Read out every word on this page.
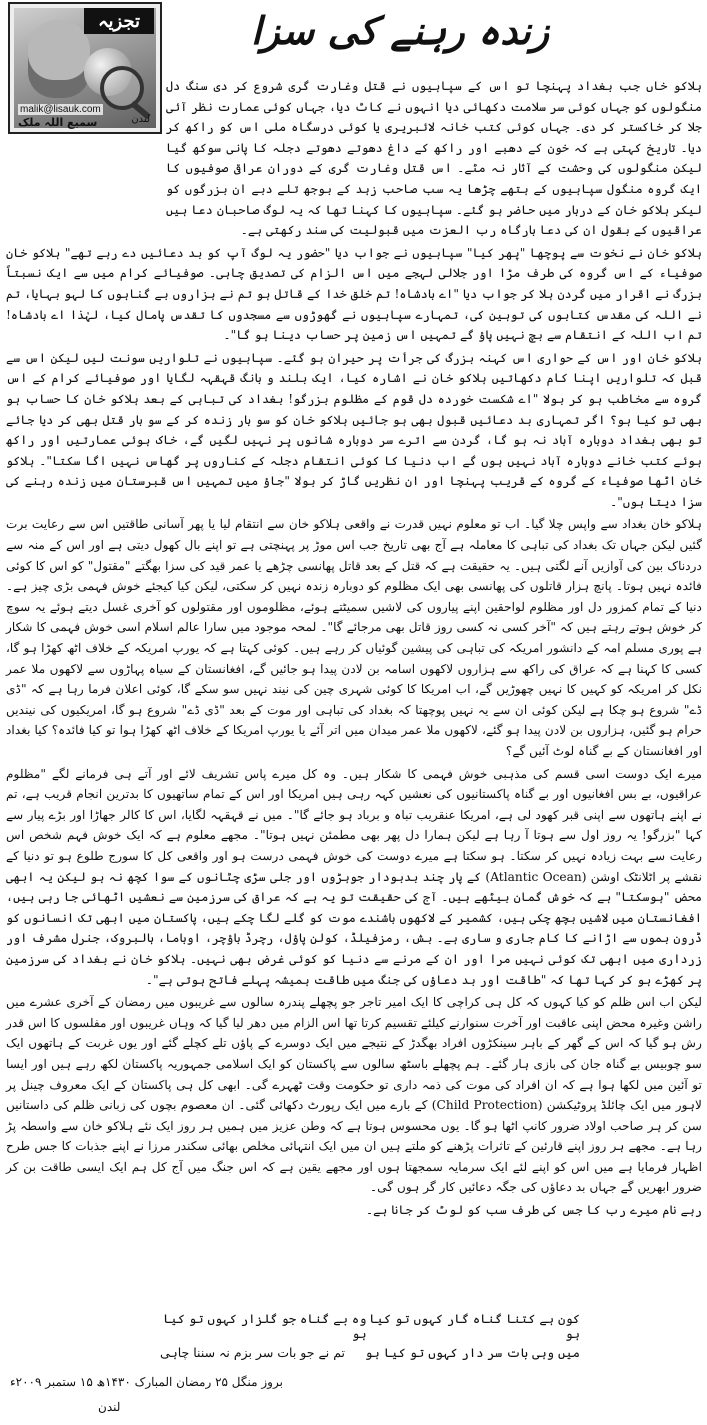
تجزیہ
malik@lisauk.com
سمیع اللہ ملک	لندن
زندہ رہنے کی سزا

ہلاکو خاں جب بغداد پہنچا تو اس کے سپاہیوں نے قتل وغارت گری شروع کر دی سنگ دل منگولوں کو جہاں کوئی سر سلامت دکھائی دیا انہوں نے کاٹ دیا، جہاں کوئی عمارت نظر آئی جلا کر خاکستر کر دی۔ جہاں کوئی کتب خانہ لائبریری یا کوئی درسگاہ ملی اس کو راکھ کر دیا۔ تاریخ کہتی ہے کہ خون کے دھبے اور راکھ کے داغ دھوتے دھوتے دجلہ کا پانی سوکھ گیا لیکن منگولوں کی وحشت کے آثار نہ مٹے۔ اس قتل وغارت گری کے دوران عراقی صوفیوں کا ایک گروہ منگول سپاہیوں کے ہتھے چڑھا یہ سب صاحب زہد کے بوجھ تلے دبے ان بزرگوں کو لیکر ہلاکو خان کے دربار میں حاضر ہو گئے۔ سپاہیوں کا کہنا تھا کہ یہ لوگ صاحبان دعا ہیں عراقیوں کے بقول ان کی دعا بارگاہ رب العزت میں قبولیت کی سند رکھتی ہے۔

ہلاکو خان نے نخوت سے پوچھا "پھر کیا" سپاہیوں نے جواب دیا "حضور یہ لوگ آپ کو بد دعائیں دے رہے تھے" ہلاکو خان صوفیاء کے اس گروہ کی طرف مڑا اور جلالی لہجے میں اس الزام کی تصدیق چاہی۔ صوفیائے کرام میں سے ایک نسبتاً بزرگ نے اقرار میں گردن ہلا کر جواب دیا "اے بادشاہ! تم خلق خدا کے قاتل ہو تم نے ہزاروں بے گناہوں کا لہو بہایا، تم نے اللہ کی مقدس کتابوں کی توہین کی، تمہارے سپاہیوں نے گھوڑوں سے مسجدوں کا تقدس پامال کیا، لہٰذا اے بادشاہ! تم اب اللہ کے انتقام سے بچ نہیں پاؤ گے تمہیں اس زمین پر حساب دینا ہو گا"۔

ہلاکو خان اور اس کے حواری اس کہنہ بزرگ کی جرأت پر حیران ہو گئے۔ سپاہیوں نے تلواریں سونت لیں لیکن اس سے قبل کہ تلواریں اپنا کام دکھاتیں ہلاکو خان نے اشارہ کیا، ایک بلند و بانگ قہقہہ لگایا اور صوفیائے کرام کے اس گروہ سے مخاطب ہو کر بولا "اے شکست خوردہ دل قوم کے مظلوم بزرگو! بغداد کی تباہی کے بعد ہلاکو خان کا حساب ہو بھی تو کیا ہو؟ اگر تمہاری بد دعائیں قبول بھی ہو جائیں ہلاکو خان کو سو بار زندہ کر کے سو بار قتل بھی کر دیا جائے تو بھی بغداد دوبارہ آباد نہ ہو گا، گردن سے اترے سر دوبارہ شانوں پر نہیں لگیں گے، خاک ہوئی عمارتیں اور راکھ ہوئے کتب خانے دوبارہ آباد نہیں ہوں گے اب دنیا کا کوئی انتقام دجلہ کے کناروں پر گھاس نہیں اگا سکتا"۔ ہلاکو خان اٹھا صوفیاء کے گروہ کے قریب پہنچا اور ان نظریں گاڑ کر بولا "جاؤ میں تمہیں اس قبرستان میں زندہ رہنے کی سزا دیتا ہوں"۔

ہلاکو خان بغداد سے واپس چلا گیا۔ اب تو معلوم نہیں قدرت نے واقعی ہلاکو خان سے انتقام لیا یا پھر آسانی طاقتیں اس سے رعایت برت گئیں لیکن جہاں تک بغداد کی تباہی کا معاملہ ہے آج بھی تاریخ جب اس موڑ پر پہنچتی ہے تو اپنے بال کھول دیتی ہے اور اس کے منہ سے دردناک بین کی آوازیں آنے لگتی ہیں۔ یہ حقیقت ہے کہ قتل کے بعد قاتل پھانسی چڑھے یا عمر قید کی سزا بھگتے "مقتول" کو اس کا کوئی فائدہ نہیں ہوتا۔ پانچ ہزار قاتلوں کی پھانسی بھی ایک مظلوم کو دوبارہ زندہ نہیں کر سکتی، لیکن کیا کیجئے خوش فہمی بڑی چیز ہے۔ دنیا کے تمام کمزور دل اور مظلوم لواحقین اپنے پیاروں کی لاشیں سمیٹتے ہوئے، مظلوموں اور مقتولوں کو آخری غسل دیتے ہوئے یہ سوچ کر خوش ہوتے رہتے ہیں کہ "آخر کسی نہ کسی روز قاتل بھی مرجائے گا"۔ لمحہ موجود میں سارا عالم اسلام اسی خوش فہمی کا شکار ہے پوری مسلم امہ کے دانشور امریکہ کی تباہی کی پیشین گوئیاں کر رہے ہیں۔ کوئی کہتا ہے کہ یورپ امریکہ کے خلاف اٹھ کھڑا ہو گا، کسی کا کہنا ہے کہ عراق کی راکھ سے ہزاروں لاکھوں اسامہ بن لادن پیدا ہو جائیں گے، افغانستان کے سیاہ پہاڑوں سے لاکھوں ملا عمر نکل کر امریکہ کو کہیں کا نہیں چھوڑیں گے، اب امریکا کا کوئی شہری چین کی نیند نہیں سو سکے گا، کوئی اعلان فرما رہا ہے کہ "ڈی ڈے" شروع ہو چکا ہے لیکن کوئی ان سے یہ نہیں پوچھتا کہ بغداد کی تباہی اور موت کے بعد "ڈی ڈے" شروع ہو گا، امریکیوں کی نیندیں حرام ہو گئیں، ہزاروں بن لادن پیدا ہو گئے، لاکھوں ملا عمر میدان میں اتر آئے یا یورپ امریکا کے خلاف اٹھ کھڑا ہوا تو کیا فائدہ؟ کیا بغداد اور افغانستان کے بے گناہ لوٹ آئیں گے؟

میرے ایک دوست اسی قسم کی مذہبی خوش فہمی کا شکار ہیں۔ وہ کل میرے پاس تشریف لائے اور آتے ہی فرمانے لگے "مظلوم عراقیوں، بے بس افغانیوں اور بے گناہ پاکستانیوں کی نعشیں کہہ رہی ہیں امریکا اور اس کے تمام ساتھیوں کا بدترین انجام قریب ہے، تم نے اپنے ہاتھوں سے اپنی قبر کھود لی ہے، امریکا عنقریب تباہ و برباد ہو جائے گا"۔ میں نے قہقہہ لگایا، اس کا کالر جھاڑا اور بڑے پیار سے کہا "بزرگو! یہ روز اول سے ہوتا آ رہا ہے لیکن ہمارا دل پھر بھی مطمئن نہیں ہوتا"۔ مجھے معلوم ہے کہ ایک خوش فہم شخص اس رعایت سے بہت زیادہ نہیں کر سکتا۔ ہو سکتا ہے میرے دوست کی خوش فہمی درست ہو اور واقعی کل کا سورج طلوع ہو تو دنیا کے نقشے پر اٹلانٹک اوشن (Atlantic Ocean) کے پار چند بدبودار جوہڑوں اور جلی سڑی چٹانوں کے سوا کچھ نہ ہو لیکن یہ ابھی محض "ہوسکتا" ہے کہ خوش گمان بیٹھے ہیں۔ آج کی حقیقت تو یہ ہے کہ عراق کی سرزمین سے نعشیں اٹھائی جا رہی ہیں، افغانستان میں لاشیں بچھ چکی ہیں، کشمیر کے لاکھوں باشندے موت کو گلے لگا چکے ہیں، پاکستان میں ابھی تک انسانوں کو ڈرون بموں سے اڑانے کا کام جاری و ساری ہے۔ بش، رمزفیلڈ، کولن پاؤل، رچرڈ باؤچر، اوباما، ہالبروک، جنرل مشرف اور زرداری میں ابھی تک کوئی نہیں مرا اور ان کے مرنے سے دنیا کو کوئی غرض بھی نہیں۔ ہلاکو خان نے بغداد کی سرزمین پر کھڑے ہو کر کہا تھا کہ "طاقت اور بد دعاؤں کی جنگ میں طاقت ہمیشہ پہلے فاتح ہوتی ہے"۔

لیکن اب اس ظلم کو کیا کہوں کہ کل ہی کراچی کا ایک امیر تاجر جو پچھلے پندرہ سالوں سے غریبوں میں رمضان کے آخری عشرے میں راشن وغیرہ محض اپنی عاقبت اور آخرت سنوارنے کیلئے تقسیم کرتا تھا اس الزام میں دھر لیا گیا کہ وہاں غریبوں اور مفلسوں کا اس قدر رش ہو گیا کہ اس کے گھر کے باہر سینکڑوں افراد بھگدڑ کے نتیجے میں ایک دوسرے کے پاؤں تلے کچلے گئے اور یوں غربت کے ہاتھوں ایک سو چوبیس بے گناہ جان کی بازی ہار گئے۔ ہم پچھلے باسٹھ سالوں سے پاکستان کو ایک اسلامی جمہوریہ پاکستان لکھ رہے ہیں اور ایسا تو آئین میں لکھا ہوا ہے کہ ان افراد کی موت کی ذمہ داری تو حکومت وقت ٹھہرے گی۔ ابھی کل ہی پاکستان کے ایک معروف چینل پر لاہور میں ایک چائلڈ پروٹیکشن (Child Protection) کے بارے میں ایک رپورٹ دکھائی گئی۔ ان معصوم بچوں کی زبانی ظلم کی داستانیں سن کر ہر صاحب اولاد ضرور کانپ اٹھا ہو گا۔ یوں محسوس ہوتا ہے کہ وطن عزیز میں ہمیں ہر روز ایک نئے ہلاکو خان سے واسطہ پڑ رہا ہے۔ مجھے ہر روز اپنے قارئین کے تاثرات پڑھنے کو ملتے ہیں ان میں ایک انتہائی مخلص بھائی سکندر مرزا نے اپنے جذبات کا جس طرح اظہار فرمایا ہے میں اس کو اپنے لئے ایک سرمایہ سمجھتا ہوں اور مجھے یقین ہے کہ اس جنگ میں آج کل ہم ایک ایسی طاقت بن کر ضرور ابھریں گے جہاں بد دعاؤں کی جگہ دعائیں کار گر ہوں گی۔

رہے نام میرے رب کا جس کی طرف سب کو لوٹ کر جانا ہے۔

کون ہے کتنا گناہ گار کہوں تو کیا ہو
وہ بے گناہ جو گلزار کہوں تو کیا ہو
میں وہی بات سر دار کہوں تو کیا ہو
تم نے جو بات سر بزم نہ سننا چاہی
بروز منگل ۲۵ رمضان المبارک ۱۴۳۰ھ ۱۵ ستمبر ۲۰۰۹ء
لندن
